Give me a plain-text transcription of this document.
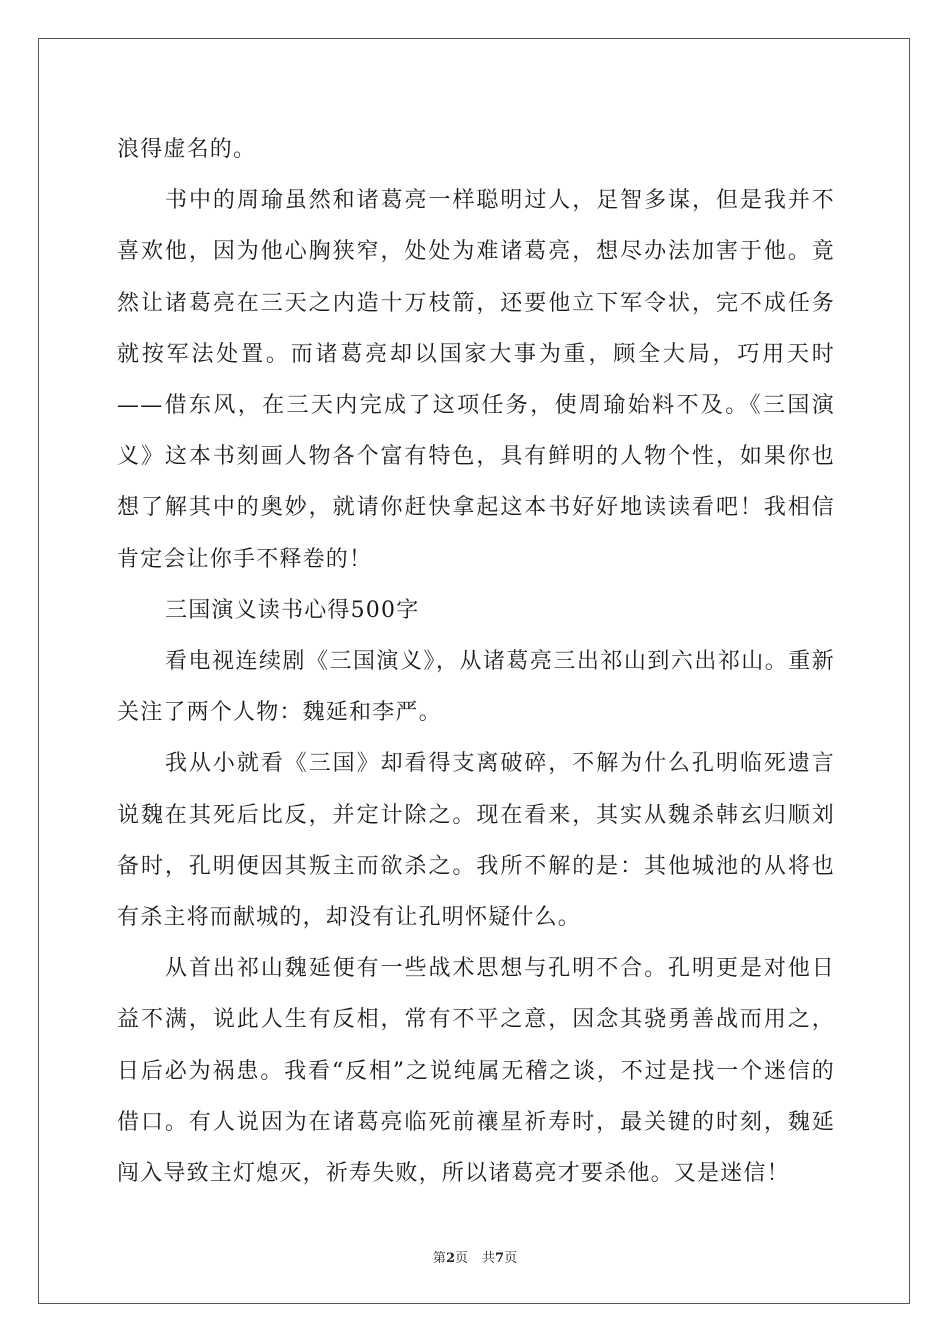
浪得虚名的。

书中的周瑜虽然和诸葛亮一样聪明过人，足智多谋，但是我并不喜欢他，因为他心胸狭窄，处处为难诸葛亮，想尽办法加害于他。竟然让诸葛亮在三天之内造十万枝箭，还要他立下军令状，完不成任务就按军法处置。而诸葛亮却以国家大事为重，顾全大局，巧用天时——借东风，在三天内完成了这项任务，使周瑜始料不及。《三国演义》这本书刻画人物各个富有特色，具有鲜明的人物个性，如果你也想了解其中的奥妙，就请你赶快拿起这本书好好地读读看吧！我相信肯定会让你手不释卷的！

三国演义读书心得500字

看电视连续剧《三国演义》，从诸葛亮三出祁山到六出祁山。重新关注了两个人物：魏延和李严。

我从小就看《三国》却看得支离破碎，不解为什么孔明临死遗言说魏在其死后比反，并定计除之。现在看来，其实从魏杀韩玄归顺刘备时，孔明便因其叛主而欲杀之。我所不解的是：其他城池的从将也有杀主将而献城的，却没有让孔明怀疑什么。

从首出祁山魏延便有一些战术思想与孔明不合。孔明更是对他日益不满，说此人生有反相，常有不平之意，因念其骁勇善战而用之，日后必为祸患。我看“反相”之说纯属无稽之谈，不过是找一个迷信的借口。有人说因为在诸葛亮临死前禳星祈寿时，最关键的时刻，魏延闯入导致主灯熄灭，祈寿失败，所以诸葛亮才要杀他。又是迷信！

第2页 共7页
